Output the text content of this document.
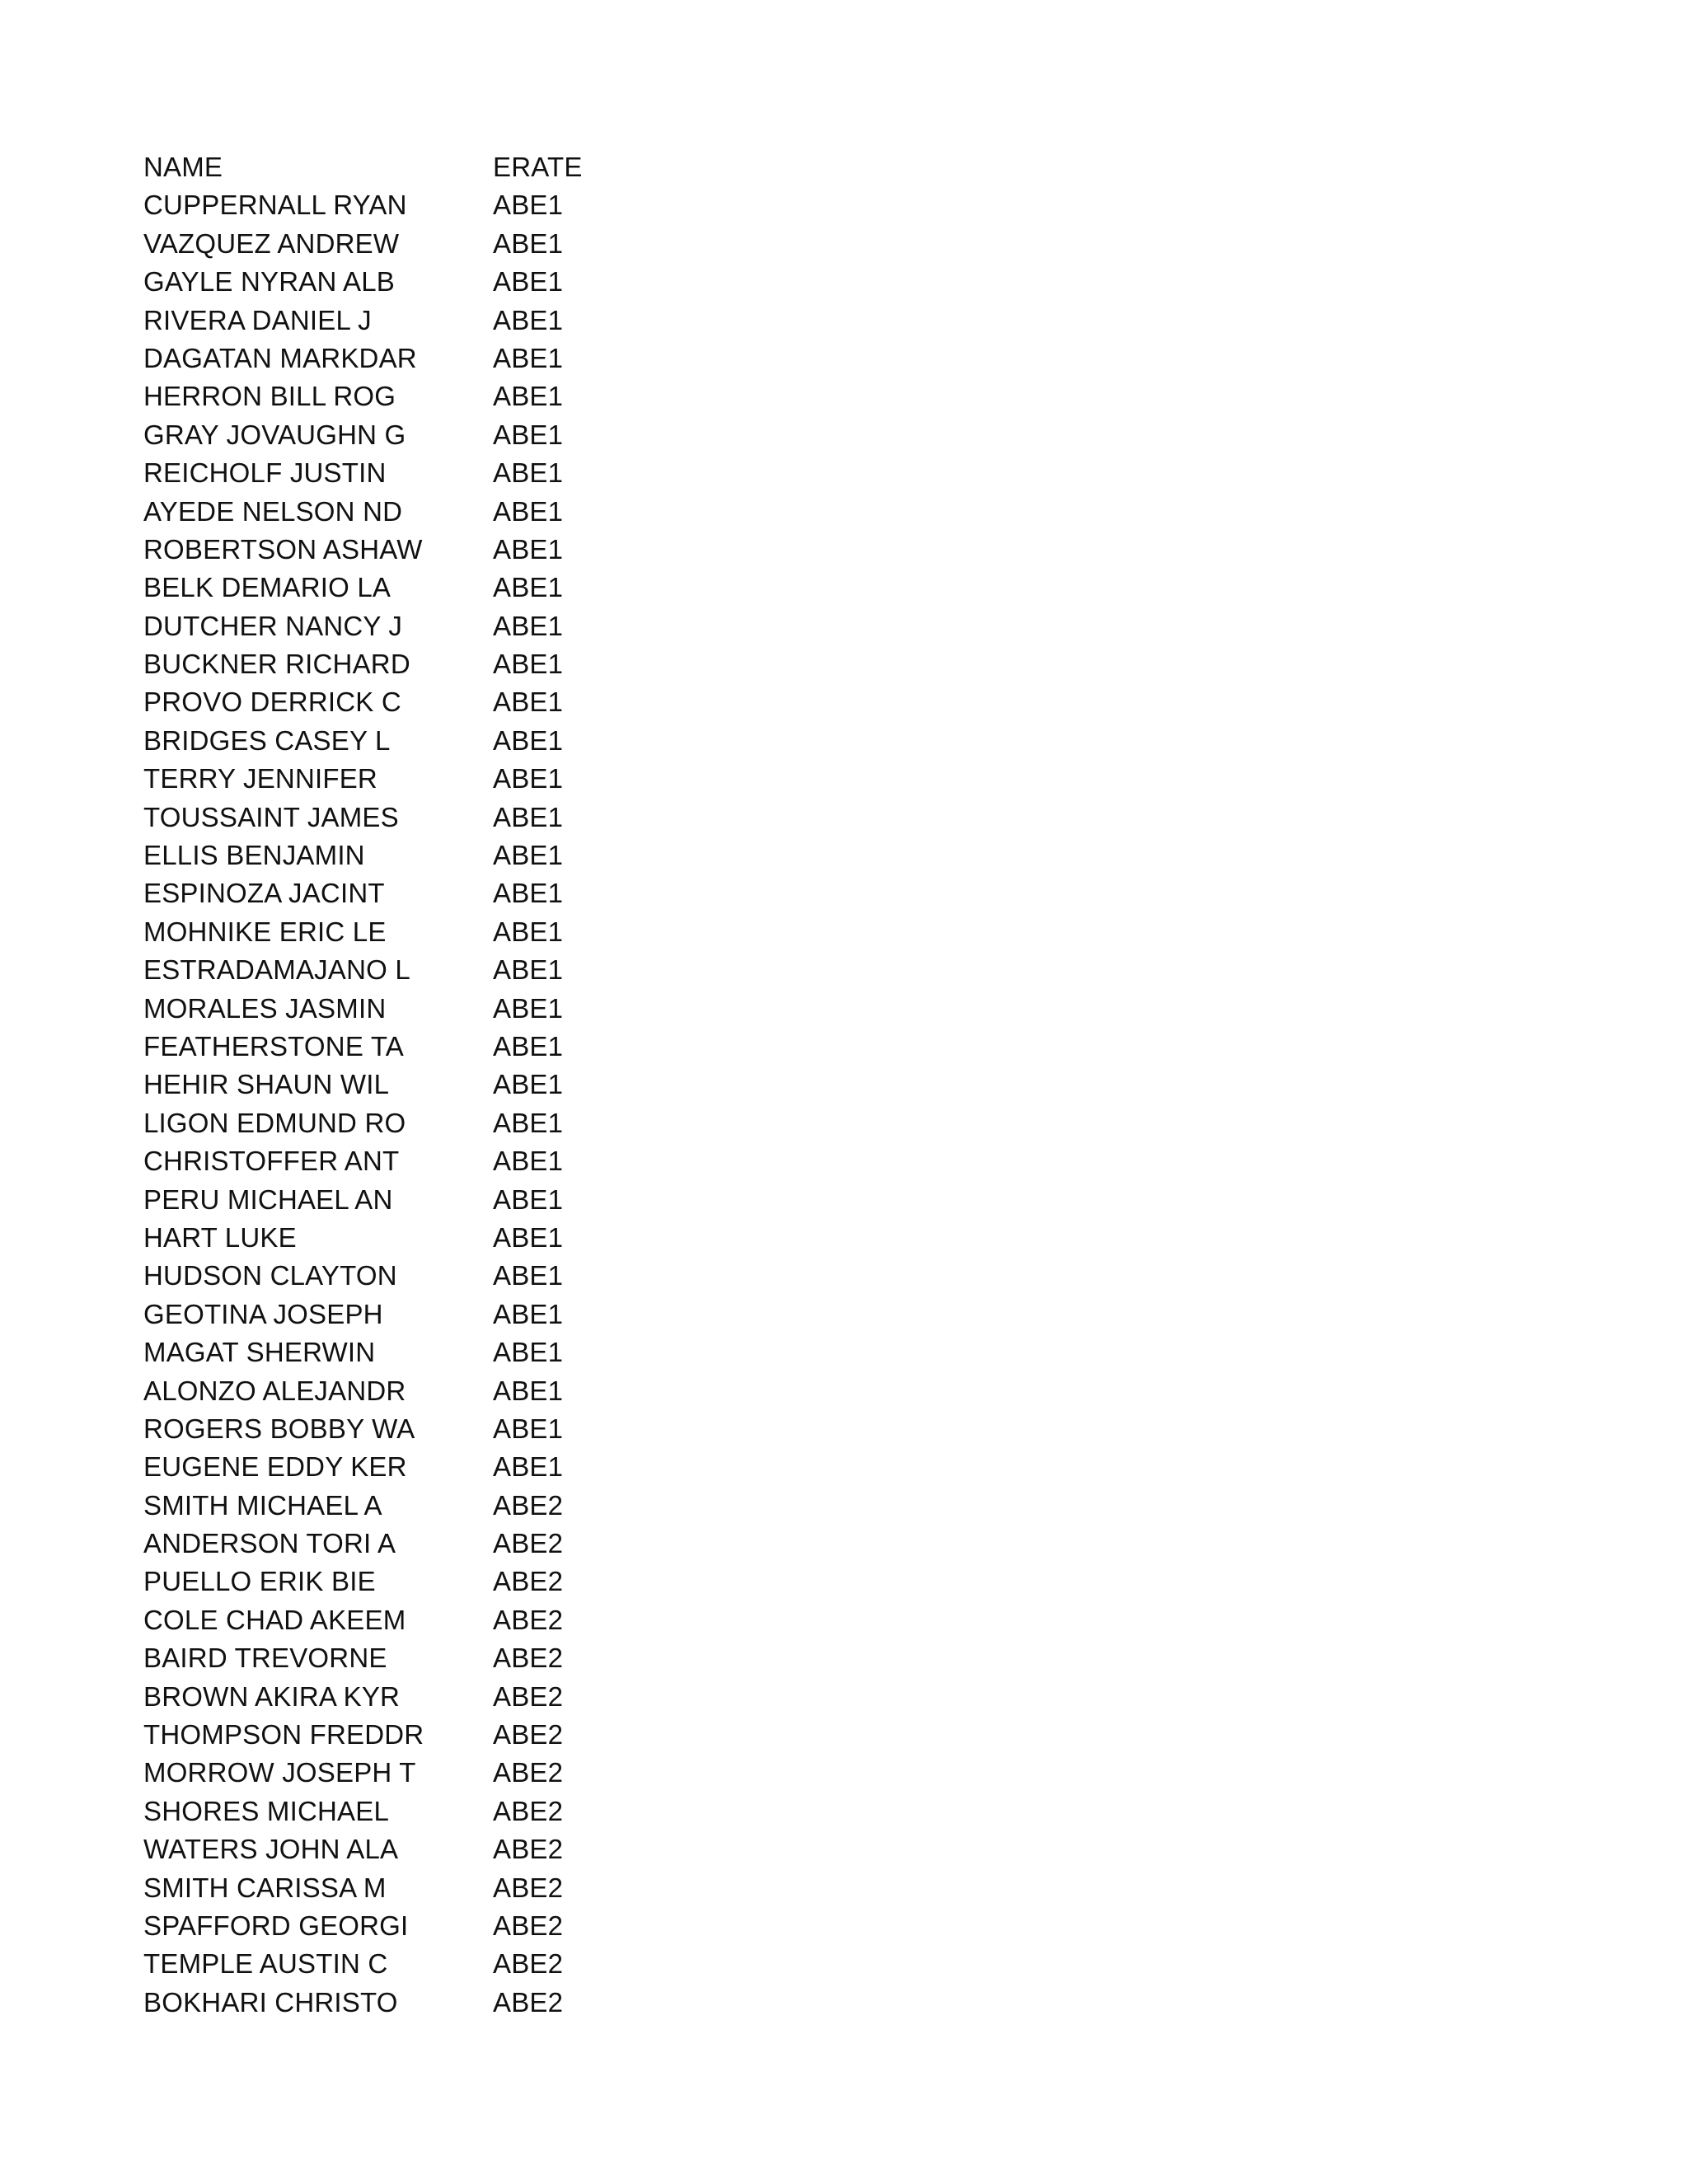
NAME	ERATE
CUPPERNALL RYAN	ABE1
VAZQUEZ ANDREW	ABE1
GAYLE NYRAN ALB	ABE1
RIVERA DANIEL J	ABE1
DAGATAN MARKDAR	ABE1
HERRON BILL ROG	ABE1
GRAY JOVAUGHN G	ABE1
REICHOLF JUSTIN	ABE1
AYEDE NELSON ND	ABE1
ROBERTSON ASHAW	ABE1
BELK DEMARIO LA	ABE1
DUTCHER NANCY J	ABE1
BUCKNER RICHARD	ABE1
PROVO DERRICK C	ABE1
BRIDGES CASEY L	ABE1
TERRY JENNIFER	ABE1
TOUSSAINT JAMES	ABE1
ELLIS BENJAMIN	ABE1
ESPINOZA JACINT	ABE1
MOHNIKE ERIC LE	ABE1
ESTRADAMAJANO L	ABE1
MORALES JASMIN	ABE1
FEATHERSTONE TA	ABE1
HEHIR SHAUN WIL	ABE1
LIGON EDMUND RO	ABE1
CHRISTOFFER ANT	ABE1
PERU MICHAEL AN	ABE1
HART LUKE	ABE1
HUDSON CLAYTON	ABE1
GEOTINA JOSEPH	ABE1
MAGAT SHERWIN	ABE1
ALONZO ALEJANDR	ABE1
ROGERS BOBBY WA	ABE1
EUGENE EDDY KER	ABE1
SMITH MICHAEL A	ABE2
ANDERSON TORI A	ABE2
PUELLO ERIK BIE	ABE2
COLE CHAD AKEEM	ABE2
BAIRD TREVORNE	ABE2
BROWN AKIRA KYR	ABE2
THOMPSON FREDDR	ABE2
MORROW JOSEPH T	ABE2
SHORES MICHAEL	ABE2
WATERS JOHN ALA	ABE2
SMITH CARISSA M	ABE2
SPAFFORD GEORGI	ABE2
TEMPLE AUSTIN C	ABE2
BOKHARI CHRISTO	ABE2
